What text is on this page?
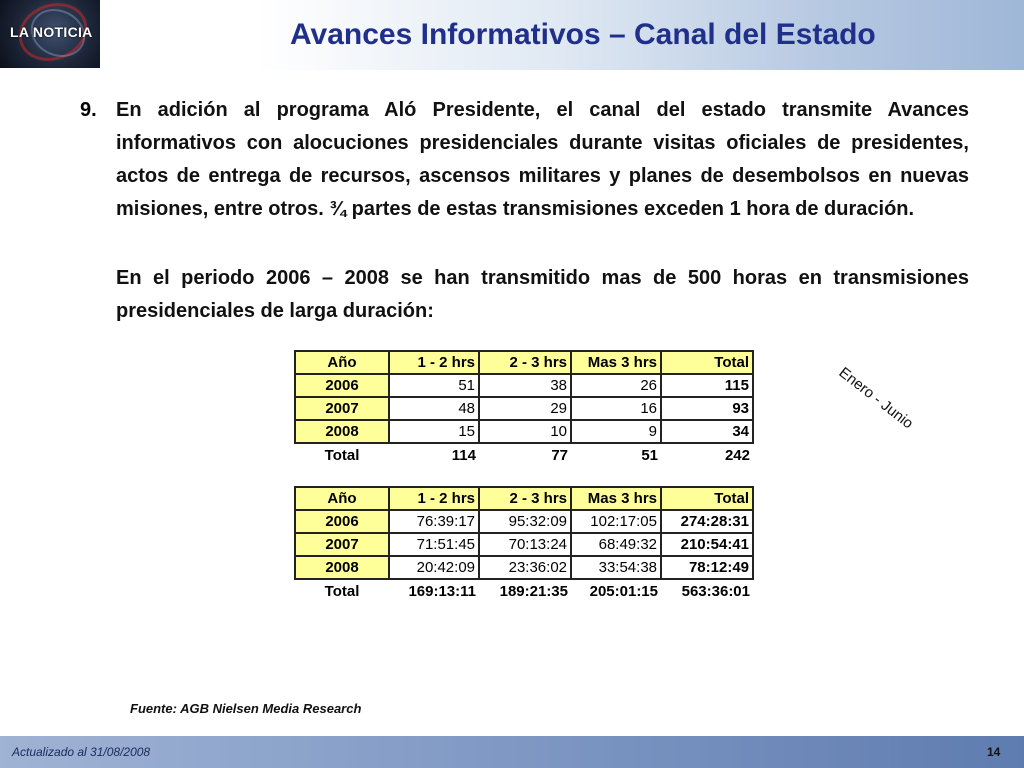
LA NOTICIA	Avances Informativos – Canal del Estado
9. En adición al programa Aló Presidente, el canal del estado transmite Avances informativos con alocuciones presidenciales durante visitas oficiales de presidentes, actos de entrega de recursos, ascensos militares y planes de desembolsos en nuevas misiones, entre otros. ¾ partes de estas transmisiones exceden 1 hora de duración.

En el periodo 2006 – 2008 se han transmitido mas de 500 horas en transmisiones presidenciales de larga duración:

Enero - Junio
Año	1 - 2 hrs	2 - 3 hrs	Mas 3 hrs	Total
2006	51	38	26	115
2007	48	29	16	93
2008	15	10	9	34
Total	114	77	51	242
Año	1 - 2 hrs	2 - 3 hrs	Mas 3 hrs	Total
2006	76:39:17	95:32:09	102:17:05	274:28:31
2007	71:51:45	70:13:24	68:49:32	210:54:41
2008	20:42:09	23:36:02	33:54:38	78:12:49
Total	169:13:11	189:21:35	205:01:15	563:36:01
Fuente: AGB Nielsen Media Research
Actualizado al 31/08/2008	14
